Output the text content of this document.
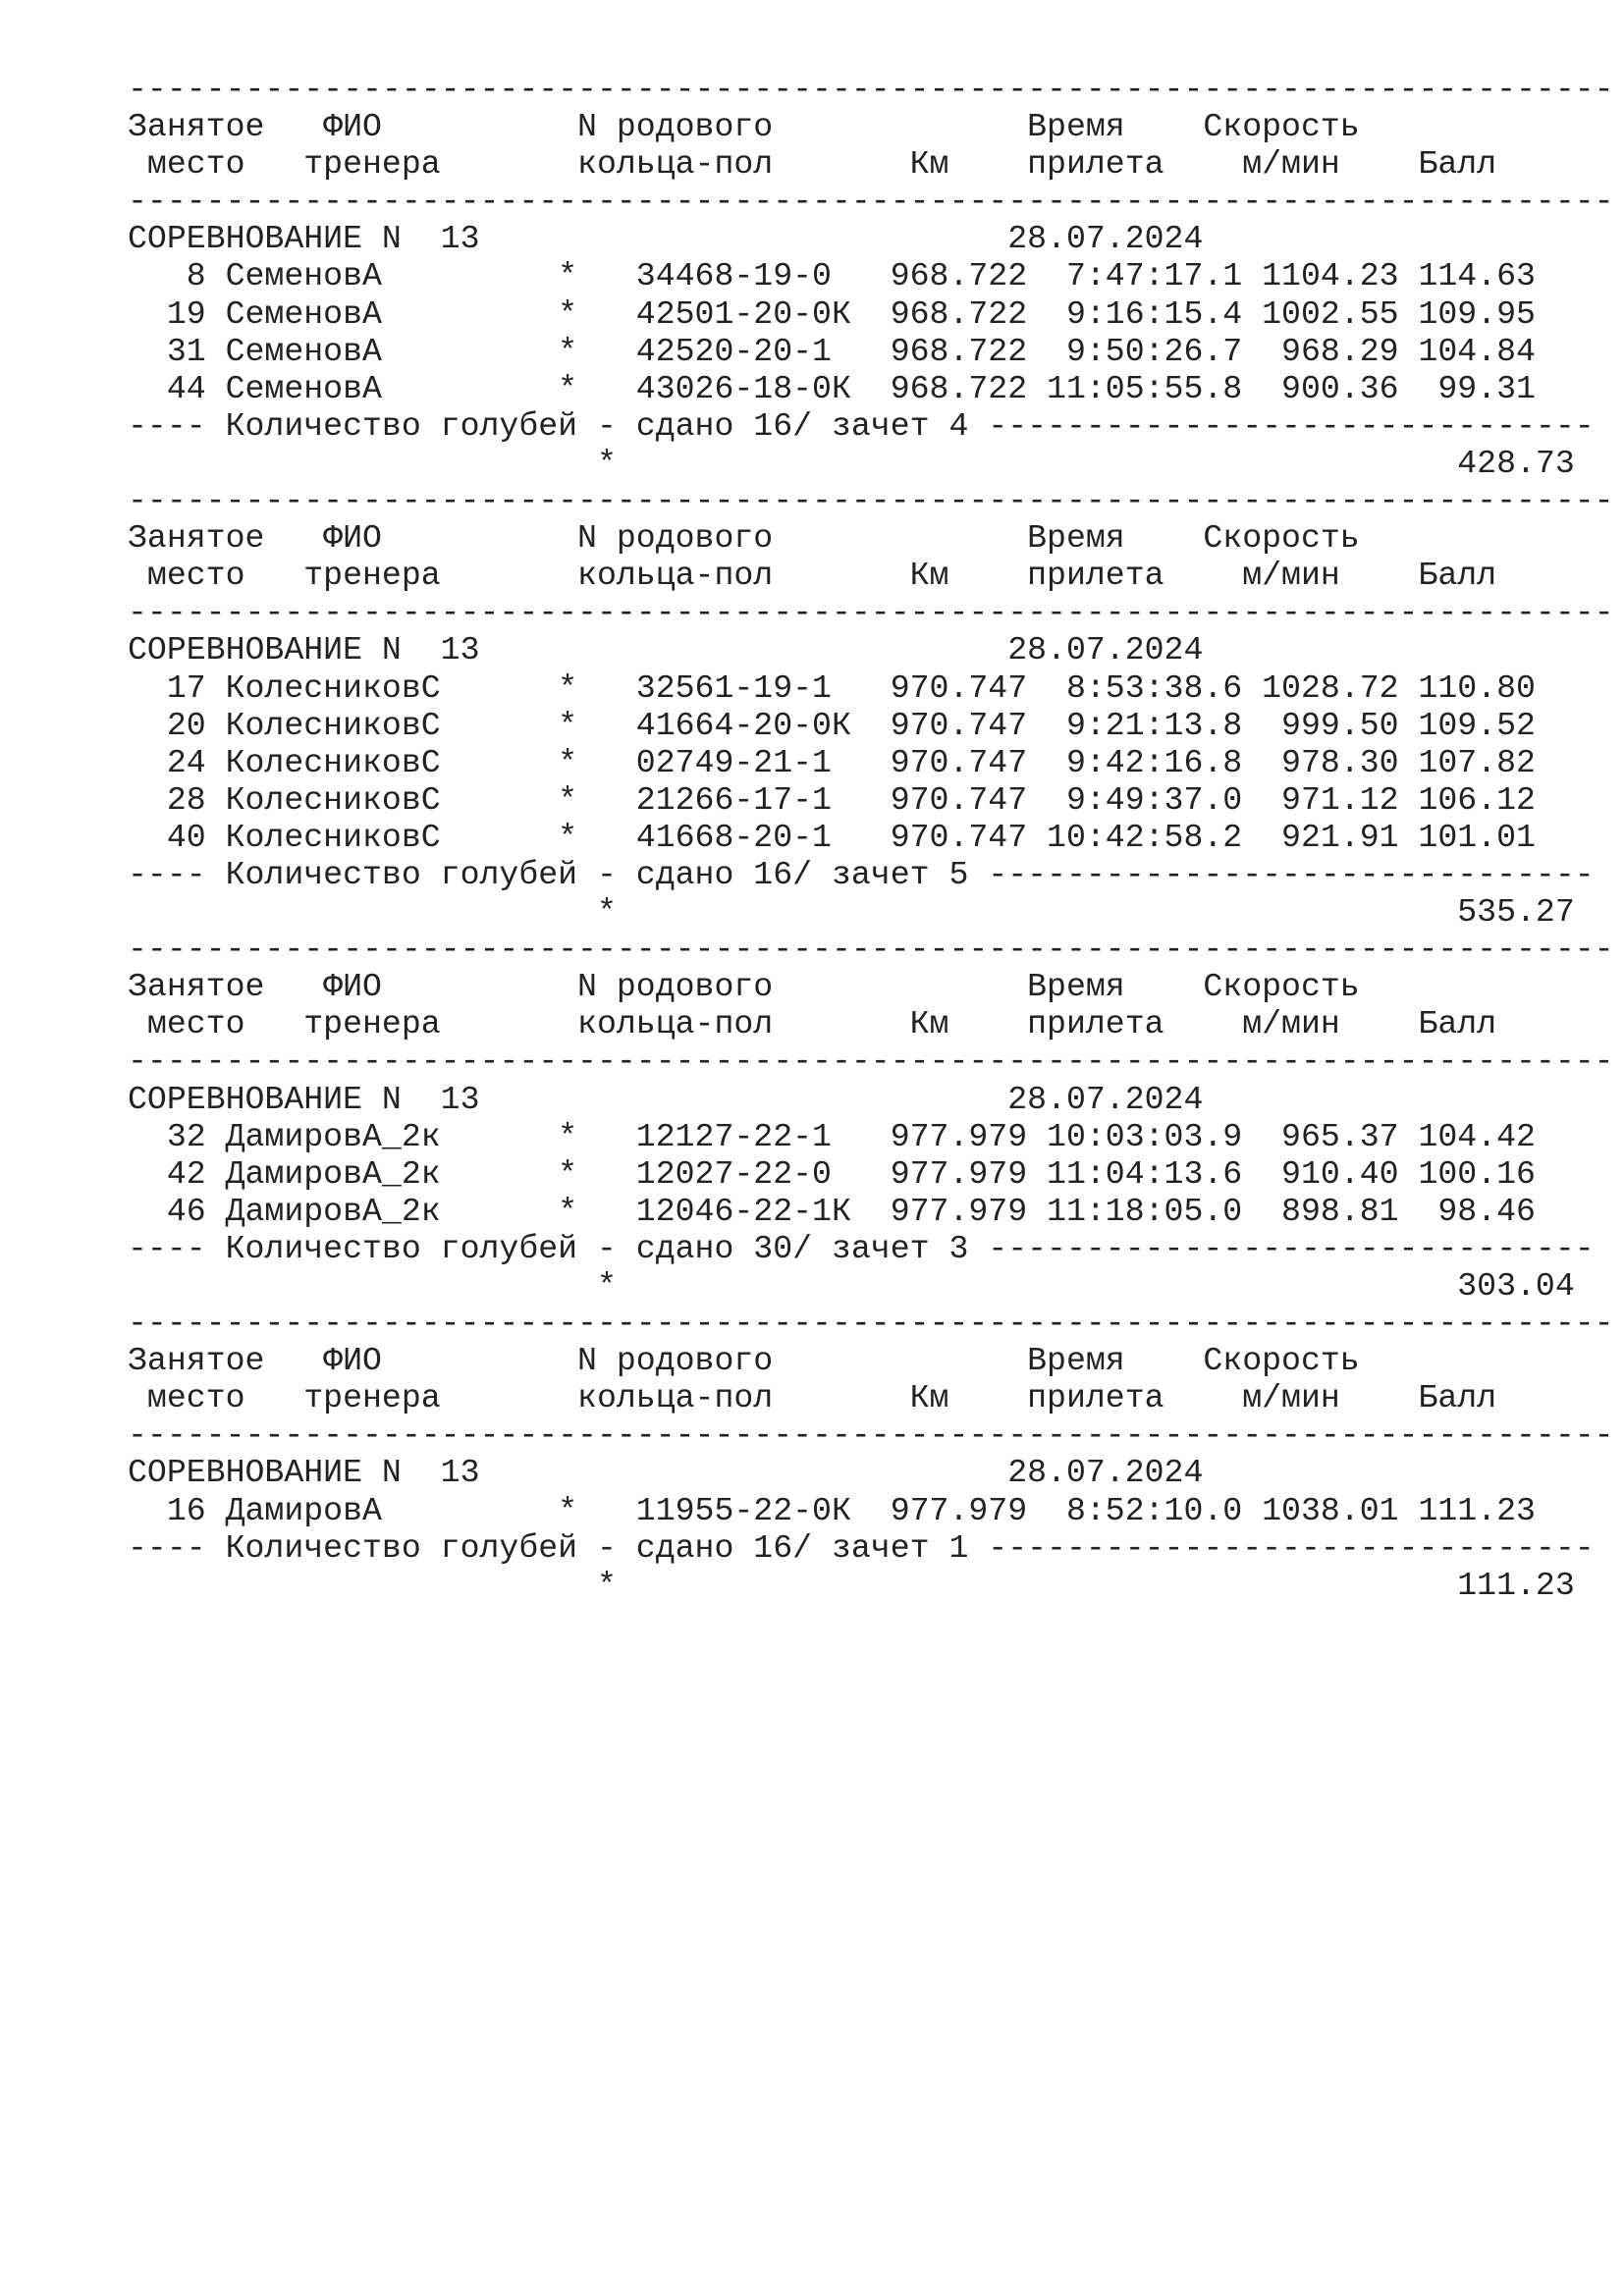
----------------------------------------------------------------------------
Занятое   ФИО          N родового             Время    Скорость
место   тренера       кольца-пол       Км    прилета    м/мин    Балл
----------------------------------------------------------------------------
СОРЕВНОВАНИЕ N  13                           28.07.2024
8 СеменовА         *   34468-19-0   968.722  7:47:17.1 1104.23 114.63
19 СеменовА         *   42501-20-0К  968.722  9:16:15.4 1002.55 109.95
31 СеменовА         *   42520-20-1   968.722  9:50:26.7  968.29 104.84
44 СеменовА         *   43026-18-0К  968.722 11:05:55.8  900.36  99.31
---- Количество голубей - сдано 16/ зачет 4 -------------------------------
*                                           428.73
----------------------------------------------------------------------------
Занятое   ФИО          N родового             Время    Скорость
место   тренера       кольца-пол       Км    прилета    м/мин    Балл
----------------------------------------------------------------------------
СОРЕВНОВАНИЕ N  13                           28.07.2024
17 КолесниковС      *   32561-19-1   970.747  8:53:38.6 1028.72 110.80
20 КолесниковС      *   41664-20-0К  970.747  9:21:13.8  999.50 109.52
24 КолесниковС      *   02749-21-1   970.747  9:42:16.8  978.30 107.82
28 КолесниковС      *   21266-17-1   970.747  9:49:37.0  971.12 106.12
40 КолесниковС      *   41668-20-1   970.747 10:42:58.2  921.91 101.01
---- Количество голубей - сдано 16/ зачет 5 -------------------------------
*                                           535.27
----------------------------------------------------------------------------
Занятое   ФИО          N родового             Время    Скорость
место   тренера       кольца-пол       Км    прилета    м/мин    Балл
----------------------------------------------------------------------------
СОРЕВНОВАНИЕ N  13                           28.07.2024
32 ДамировА_2к      *   12127-22-1   977.979 10:03:03.9  965.37 104.42
42 ДамировА_2к      *   12027-22-0   977.979 11:04:13.6  910.40 100.16
46 ДамировА_2к      *   12046-22-1К  977.979 11:18:05.0  898.81  98.46
---- Количество голубей - сдано 30/ зачет 3 -------------------------------
*                                           303.04
----------------------------------------------------------------------------
Занятое   ФИО          N родового             Время    Скорость
место   тренера       кольца-пол       Км    прилета    м/мин    Балл
----------------------------------------------------------------------------
СОРЕВНОВАНИЕ N  13                           28.07.2024
16 ДамировА         *   11955-22-0К  977.979  8:52:10.0 1038.01 111.23
---- Количество голубей - сдано 16/ зачет 1 -------------------------------
*                                           111.23
